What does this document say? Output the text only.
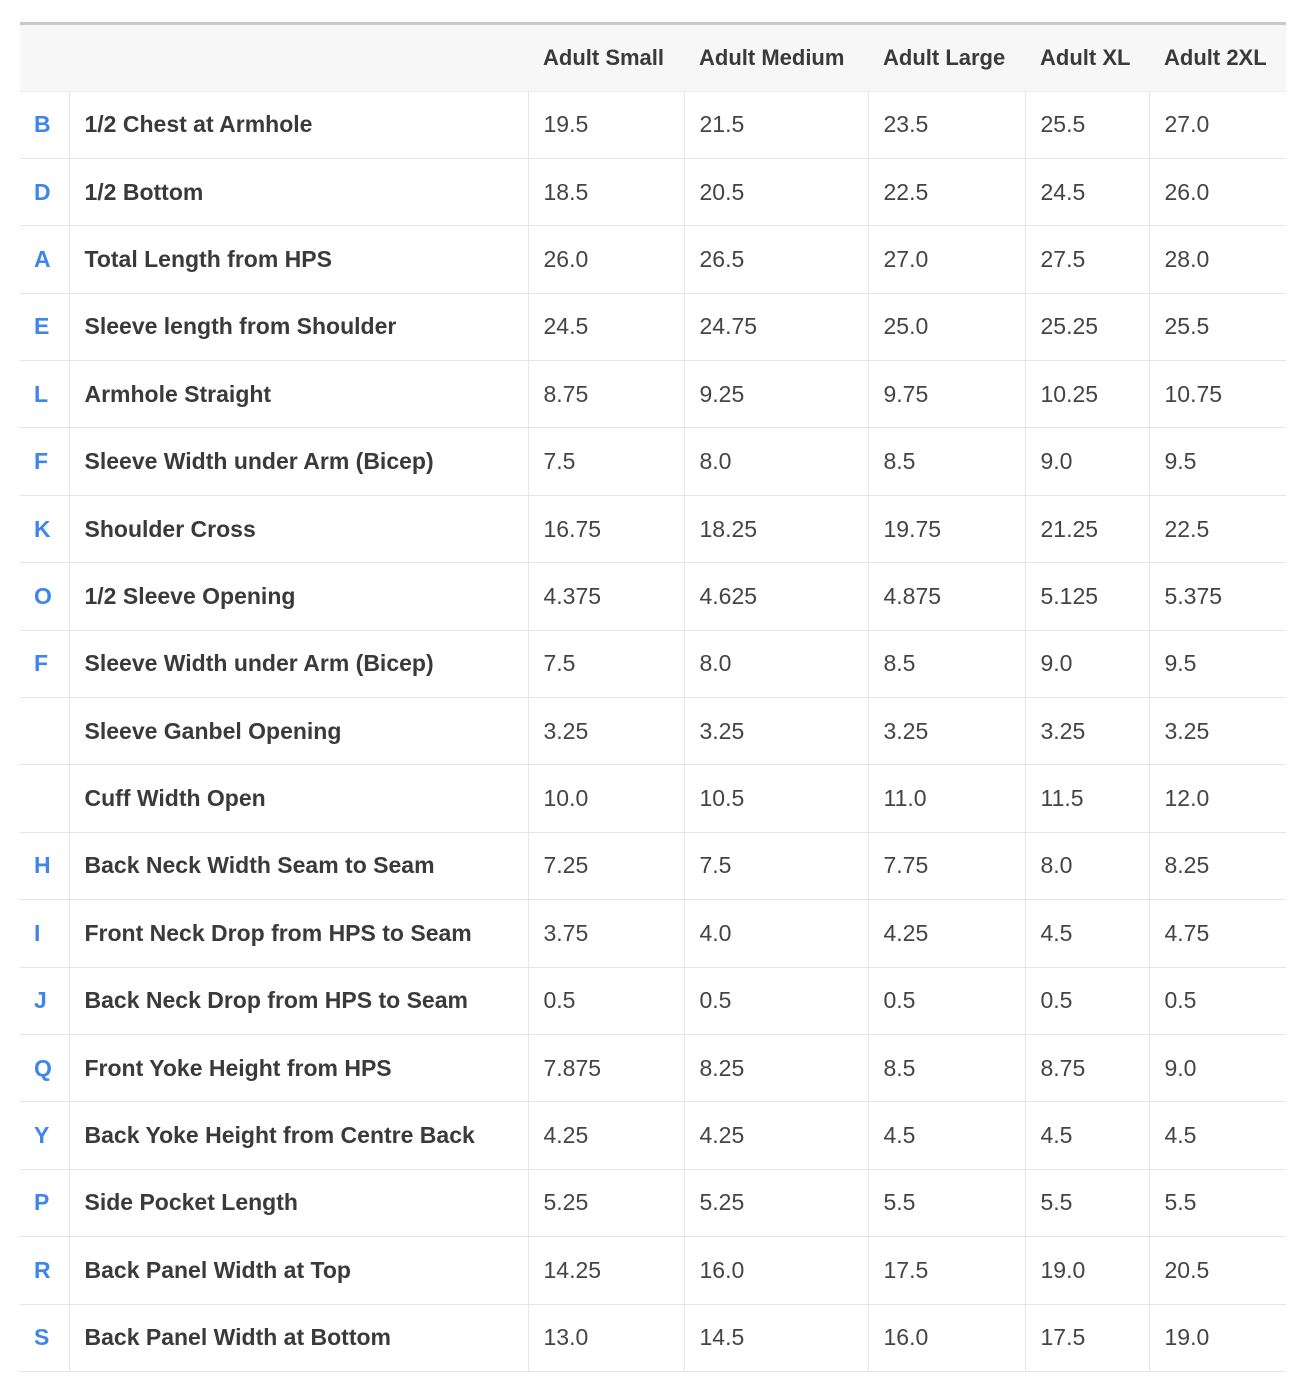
		Adult Small	Adult Medium	Adult Large	Adult XL	Adult 2XL
B	1/2 Chest at Armhole	19.5	21.5	23.5	25.5	27.0
D	1/2 Bottom	18.5	20.5	22.5	24.5	26.0
A	Total Length from HPS	26.0	26.5	27.0	27.5	28.0
E	Sleeve length from Shoulder	24.5	24.75	25.0	25.25	25.5
L	Armhole Straight	8.75	9.25	9.75	10.25	10.75
F	Sleeve Width under Arm (Bicep)	7.5	8.0	8.5	9.0	9.5
K	Shoulder Cross	16.75	18.25	19.75	21.25	22.5
O	1/2 Sleeve Opening	4.375	4.625	4.875	5.125	5.375
F	Sleeve Width under Arm (Bicep)	7.5	8.0	8.5	9.0	9.5
	Sleeve Ganbel Opening	3.25	3.25	3.25	3.25	3.25
	Cuff Width Open	10.0	10.5	11.0	11.5	12.0
H	Back Neck Width Seam to Seam	7.25	7.5	7.75	8.0	8.25
I	Front Neck Drop from HPS to Seam	3.75	4.0	4.25	4.5	4.75
J	Back Neck Drop from HPS to Seam	0.5	0.5	0.5	0.5	0.5
Q	Front Yoke Height from HPS	7.875	8.25	8.5	8.75	9.0
Y	Back Yoke Height from Centre Back	4.25	4.25	4.5	4.5	4.5
P	Side Pocket Length	5.25	5.25	5.5	5.5	5.5
R	Back Panel Width at Top	14.25	16.0	17.5	19.0	20.5
S	Back Panel Width at Bottom	13.0	14.5	16.0	17.5	19.0
